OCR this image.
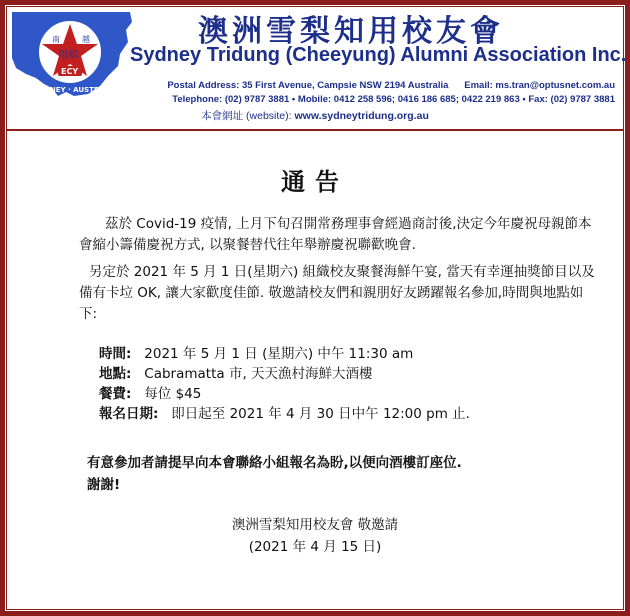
南	越
用知
ECY
SYDNEY · AUSTRALIA
澳洲雪梨知用校友會
Sydney Tridung (Cheeyung) Alumni Association Inc.
Postal Address: 35 First Avenue, Campsie NSW 2194 Australia Email: ms.tran@optusnet.com.au
Telephone: (02) 9787 3881 • Mobile: 0412 258 596; 0416 186 685; 0422 219 863 • Fax: (02) 9787 3881
本會網址 (website): www.sydneytridung.org.au
通告
茲於 Covid-19 疫情, 上月下旬召開常務理事會經過商討後,決定今年慶祝母親節本會縮小籌備慶祝方式, 以聚餐替代往年舉辦慶祝聯歡晚會.
另定於 2021 年 5 月 1 日(星期六) 組織校友聚餐海鮮午宴, 當天有幸運抽獎節目以及備有卡垃 OK, 讓大家歡度佳節. 敬邀請校友們和親朋好友踴躍報名參加,時間與地點如下:
時間: 2021 年 5 月 1 日 (星期六) 中午 11:30 am
地點: Cabramatta 市, 天天漁村海鮮大酒樓
餐費: 每位 $45
報名日期: 即日起至 2021 年 4 月 30 日中午 12:00 pm 止.
有意參加者請提早向本會聯絡小組報名為盼,以便向酒樓訂座位.
謝謝!
澳洲雪梨知用校友會 敬邀請
(2021 年 4 月 15 日)
